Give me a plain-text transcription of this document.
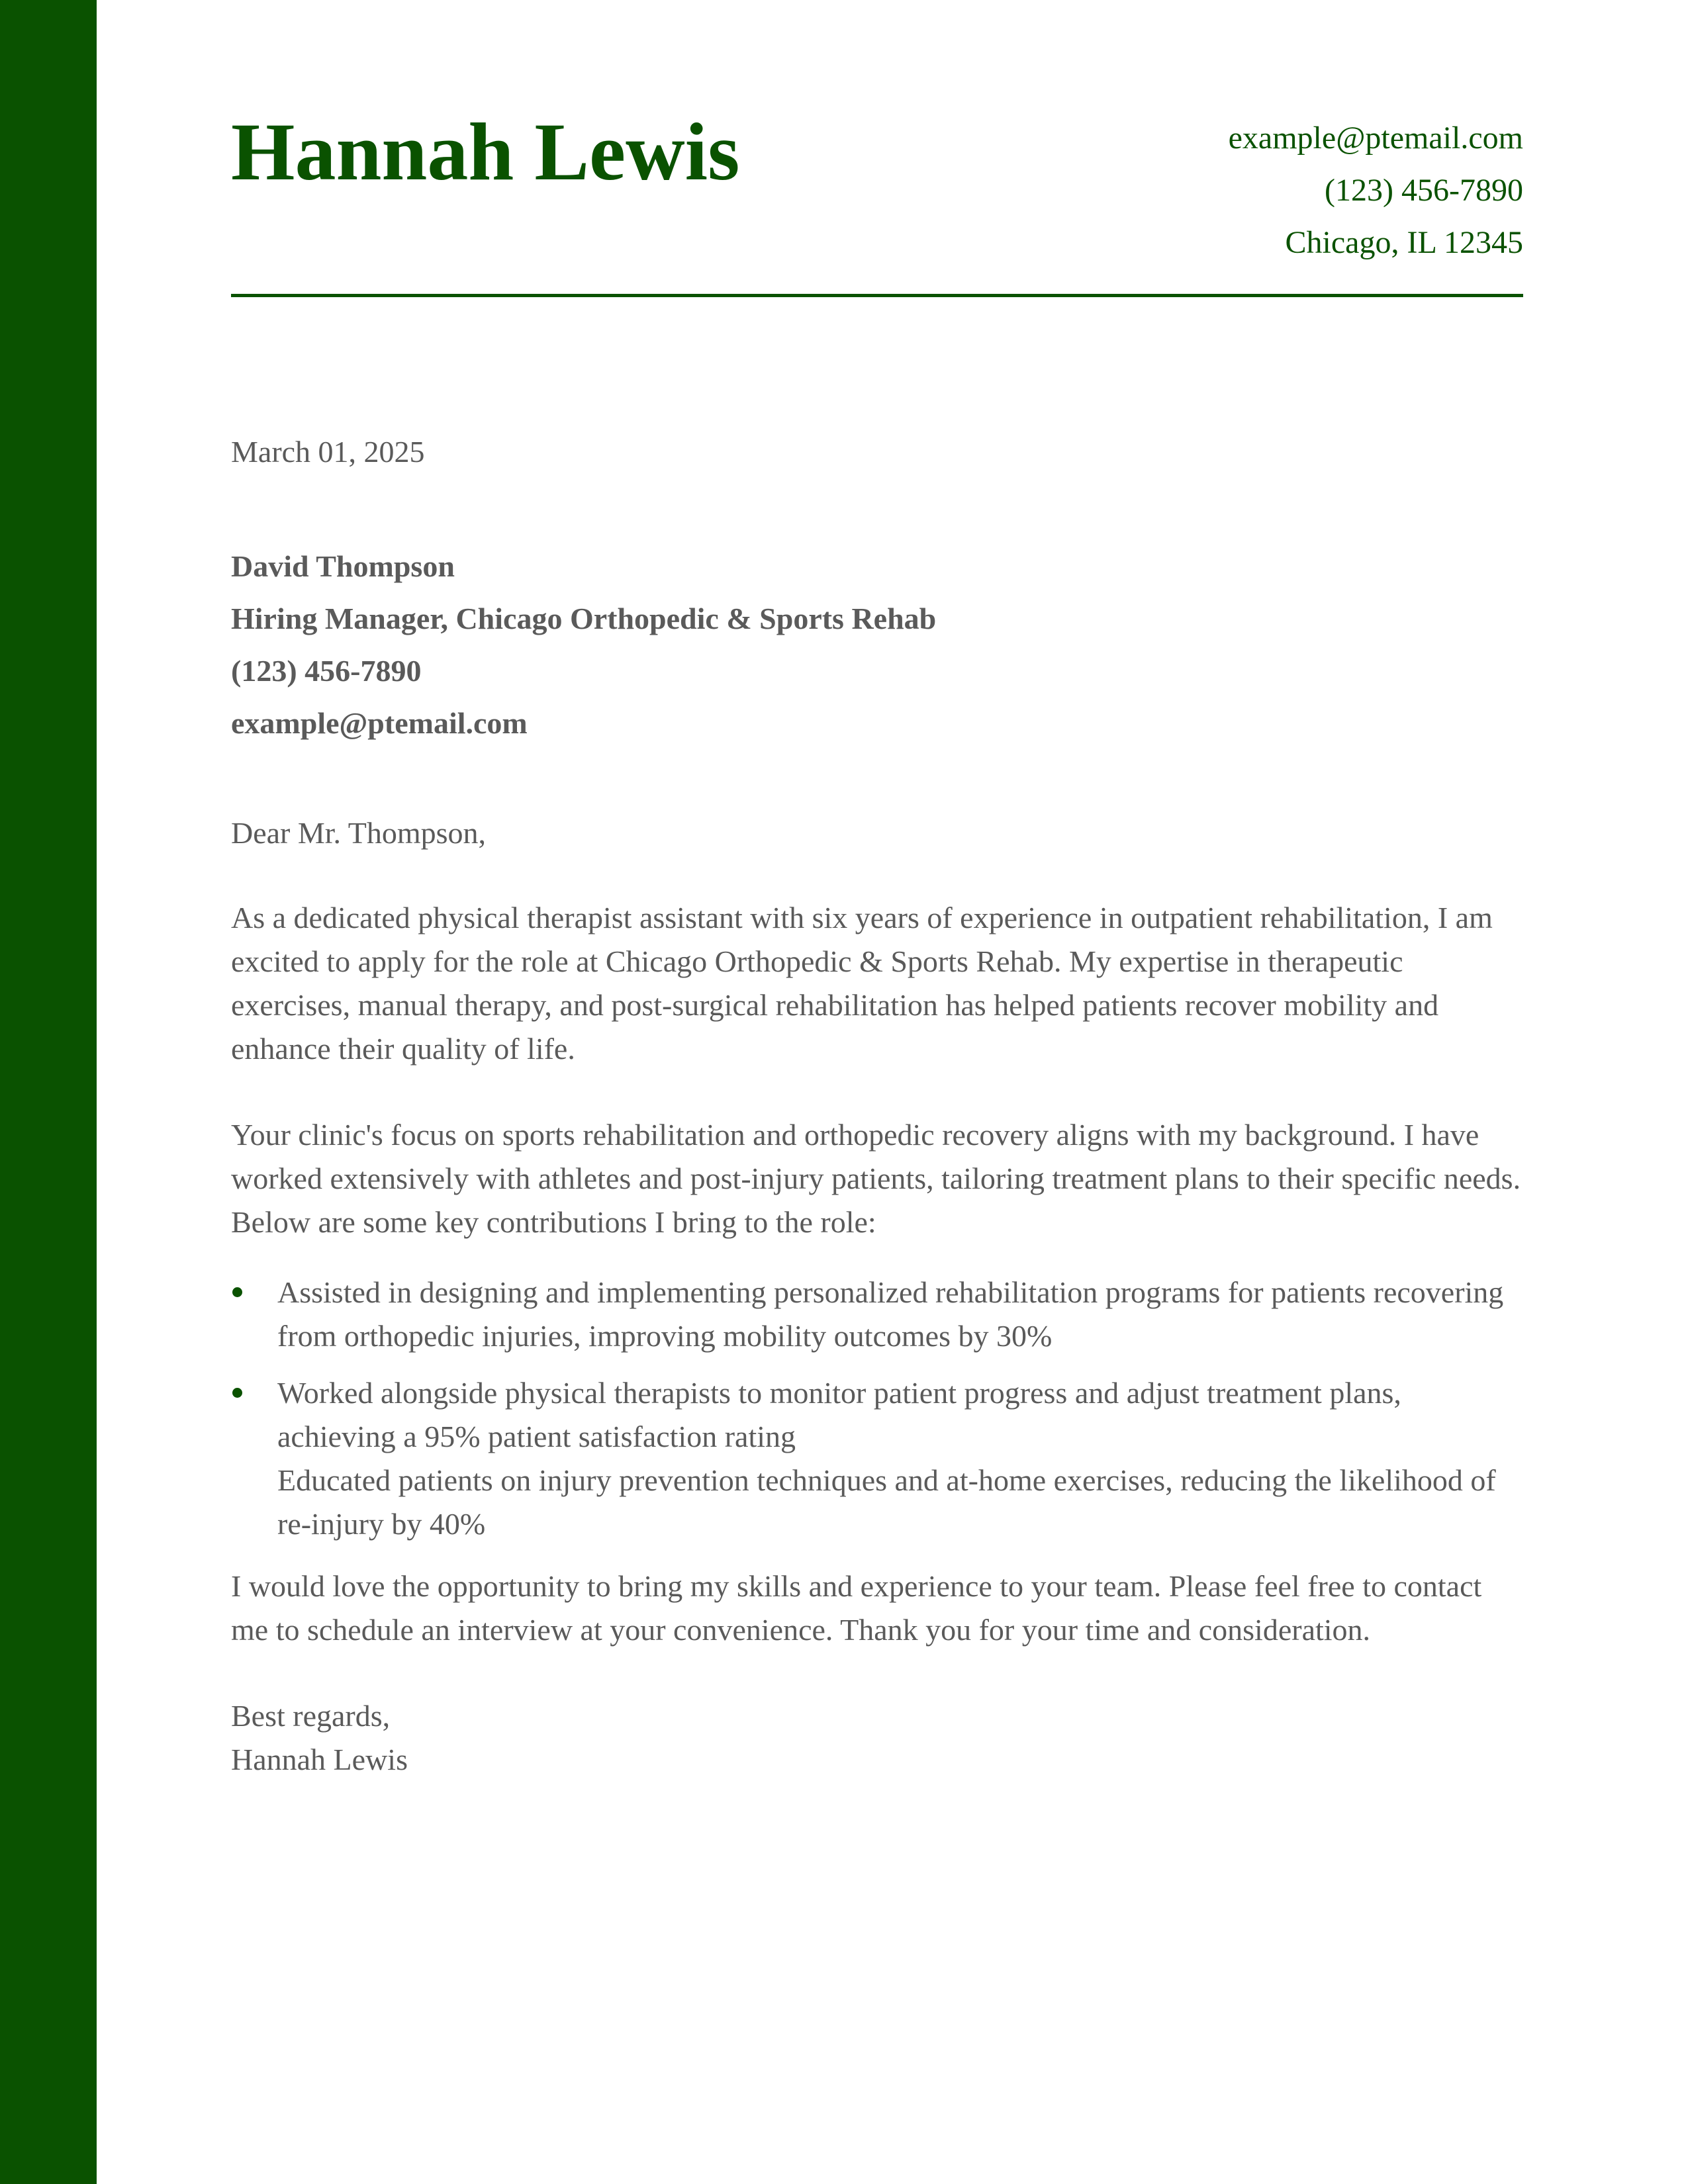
Hannah Lewis	example@ptemail.com
(123) 456-7890
Chicago, IL 12345

March 01, 2025

David Thompson
Hiring Manager, Chicago Orthopedic & Sports Rehab
(123) 456-7890
example@ptemail.com

Dear Mr. Thompson,

As a dedicated physical therapist assistant with six years of experience in outpatient rehabilitation, I am excited to apply for the role at Chicago Orthopedic & Sports Rehab. My expertise in therapeutic exercises, manual therapy, and post-surgical rehabilitation has helped patients recover mobility and enhance their quality of life.

Your clinic's focus on sports rehabilitation and orthopedic recovery aligns with my background. I have worked extensively with athletes and post-injury patients, tailoring treatment plans to their specific needs. Below are some key contributions I bring to the role:

Assisted in designing and implementing personalized rehabilitation programs for patients recovering from orthopedic injuries, improving mobility outcomes by 30%
Worked alongside physical therapists to monitor patient progress and adjust treatment plans, achieving a 95% patient satisfaction rating
Educated patients on injury prevention techniques and at-home exercises, reducing the likelihood of re-injury by 40%

I would love the opportunity to bring my skills and experience to your team. Please feel free to contact me to schedule an interview at your convenience. Thank you for your time and consideration.

Best regards,
Hannah Lewis
